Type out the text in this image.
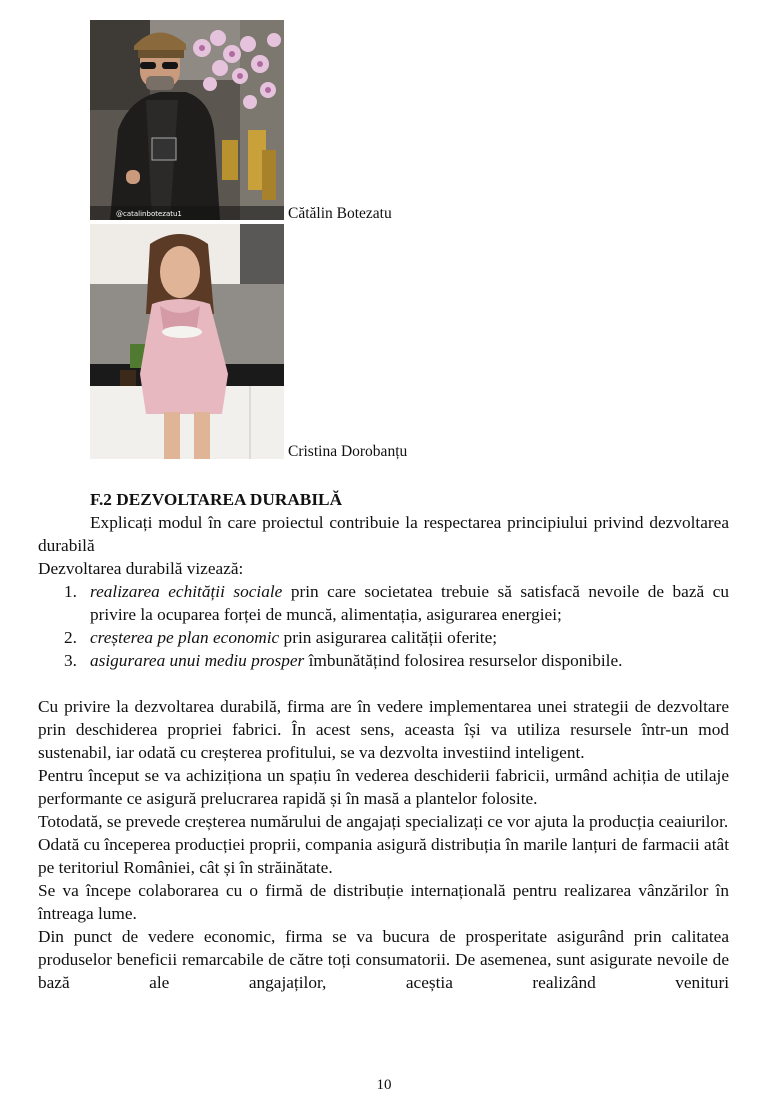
@catalinbotezatu1	Cătălin Botezatu
Cristina Dorobanțu
F.2 DEZVOLTAREA DURABILĂ

Explicați modul în care proiectul contribuie la respectarea principiului privind dezvoltarea durabilă

Dezvoltarea durabilă vizează:

1. realizarea echității sociale prin care societatea trebuie să satisfacă nevoile de bază cu privire la ocuparea forței de muncă, alimentația, asigurarea energiei;
2. creșterea pe plan economic prin asigurarea calității oferite;
3. asigurarea unui mediu prosper îmbunătățind folosirea resurselor disponibile.

Cu privire la dezvoltarea durabilă, firma are în vedere implementarea unei strategii de dezvoltare prin deschiderea propriei fabrici. În acest sens, aceasta își va utiliza resursele într-un mod sustenabil, iar odată cu creșterea profitului, se va dezvolta investiind inteligent.

Pentru început se va achiziționa un spațiu în vederea deschiderii fabricii, urmând achiția de utilaje performante ce asigură prelucrarea rapidă și în masă a plantelor folosite.

Totodată, se prevede creșterea numărului de angajați specializați ce vor ajuta la producția ceaiurilor.

Odată cu începerea producției proprii, compania asigură distribuția în marile lanțuri de farmacii atât pe teritoriul României, cât și în străinătate.

Se va începe colaborarea cu o firmă de distribuție internațională pentru realizarea vânzărilor în întreaga lume.

Din punct de vedere economic, firma se va bucura de prosperitate asigurând prin calitatea produselor beneficii remarcabile de către toți consumatorii. De asemenea, sunt asigurate nevoile de bază ale angajaților, aceștia realizând venituri

10
